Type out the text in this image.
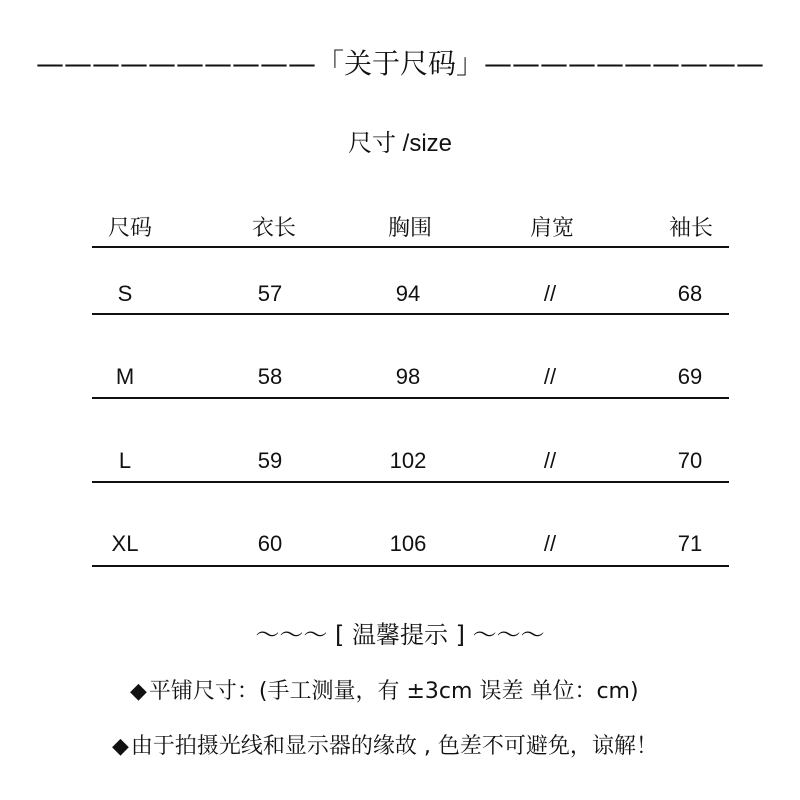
——————————「关于尺码」——————————
尺寸 /size
尺码	衣长	胸围	肩宽	袖长
S	57	94	//	68
M	58	98	//	69
L	59	102	//	70
XL	60	106	//	71
～～～ [ 温馨提示 ] ～～～
◆平铺尺寸：(手工测量，有 ±3cm 误差 单位：cm)
◆由于拍摄光线和显示器的缘故 , 色差不可避免，谅解！
